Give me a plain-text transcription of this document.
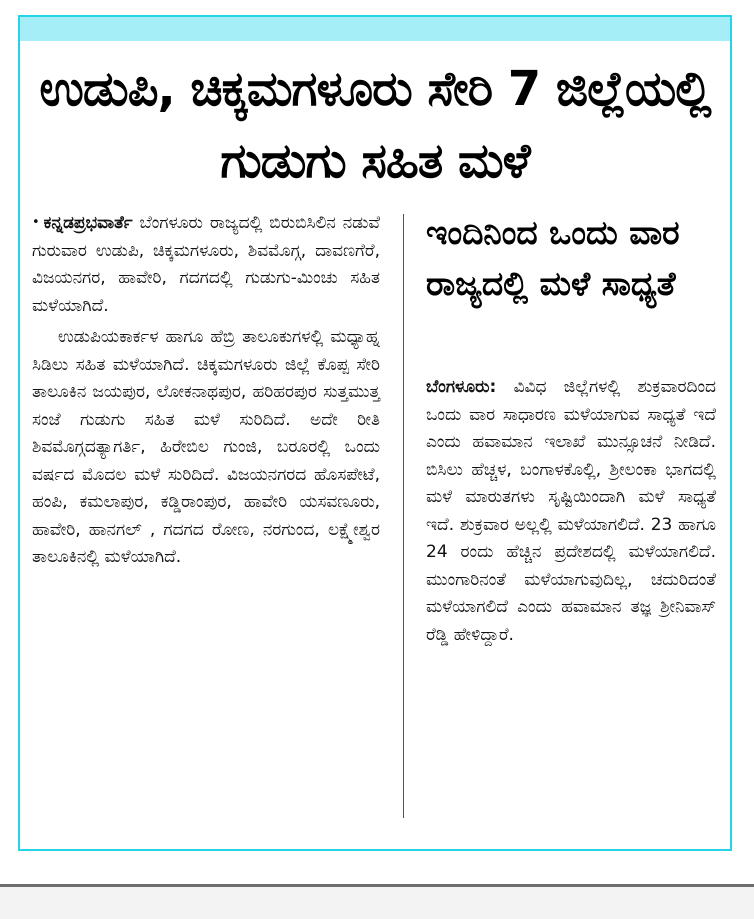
ಉಡುಪಿ, ಚಿಕ್ಕಮಗಳೂರು ಸೇರಿ 7 ಜಿಲ್ಲೆಯಲ್ಲಿ ಗುಡುಗು ಸಹಿತ ಮಳೆ

• ಕನ್ನಡಪ್ರಭವಾರ್ತೆ ಬೆಂಗಳೂರು ರಾಜ್ಯದಲ್ಲಿ ಬಿರುಬಿಸಿಲಿನ ನಡುವೆ ಗುರುವಾರ ಉಡುಪಿ, ಚಿಕ್ಕಮಗಳೂರು, ಶಿವಮೊಗ್ಗ, ದಾವಣಗೆರೆ, ವಿಜಯನಗರ, ಹಾವೇರಿ, ಗದಗದಲ್ಲಿ ಗುಡುಗು-ಮಿಂಚು ಸಹಿತ ಮಳೆಯಾಗಿದೆ.

ಉಡುಪಿಯಕಾರ್ಕಳ ಹಾಗೂ ಹೆಬ್ರಿ ತಾಲೂಕುಗಳಲ್ಲಿ ಮಧ್ಯಾಹ್ನ ಸಿಡಿಲು ಸಹಿತ ಮಳೆಯಾಗಿದೆ. ಚಿಕ್ಕಮಗಳೂರು ಜಿಲ್ಲೆ ಕೊಪ್ಪ ಸೇರಿ ತಾಲೂಕಿನ ಜಯಪುರ, ಲೋಕನಾಥಪುರ, ಹರಿಹರಪುರ ಸುತ್ತಮುತ್ತ ಸಂಜೆ ಗುಡುಗು ಸಹಿತ ಮಳೆ ಸುರಿದಿದೆ. ಅದೇ ರೀತಿ ಶಿವಮೊಗ್ಗದತ್ಯಾಗರ್ತಿ, ಹಿರೇಬಿಲ ಗುಂಜಿ, ಬರೂರಲ್ಲಿ ಒಂದು ವರ್ಷದ ಮೊದಲ ಮಳೆ ಸುರಿದಿದೆ. ವಿಜಯನಗರದ ಹೊಸಪೇಟೆ, ಹಂಪಿ, ಕಮಲಾಪುರ, ಕಡ್ಡಿರಾಂಪುರ, ಹಾವೇರಿ ಯಸವಣೂರು, ಹಾವೇರಿ, ಹಾನಗಲ್ , ಗದಗದ ರೋಣ, ನರಗುಂದ, ಲಕ್ಷ್ಮೇಶ್ವರ ತಾಲೂಕಿನಲ್ಲಿ ಮಳೆಯಾಗಿದೆ.

ಇಂದಿನಿಂದ ಒಂದು ವಾರ ರಾಜ್ಯದಲ್ಲಿ ಮಳೆ ಸಾಧ್ಯತೆ

ಬೆಂಗಳೂರು: ವಿವಿಧ ಜಿಲ್ಲೆಗಳಲ್ಲಿ ಶುಕ್ರವಾರದಿಂದ ಒಂದು ವಾರ ಸಾಧಾರಣ ಮಳೆಯಾಗುವ ಸಾಧ್ಯತೆ ಇದೆ ಎಂದು ಹವಾಮಾನ ಇಲಾಖೆ ಮುನ್ಸೂಚನೆ ನೀಡಿದೆ. ಬಿಸಿಲು ಹೆಚ್ಚಳ, ಬಂಗಾಳಕೊಲ್ಲಿ, ಶ್ರೀಲಂಕಾ ಭಾಗದಲ್ಲಿ ಮಳೆ ಮಾರುತಗಳು ಸೃಷ್ಟಿಯಿಂದಾಗಿ ಮಳೆ ಸಾಧ್ಯತೆ ಇದೆ. ಶುಕ್ರವಾರ ಅಲ್ಲಲ್ಲಿ ಮಳೆಯಾಗಲಿದೆ. 23 ಹಾಗೂ 24 ರಂದು ಹೆಚ್ಚಿನ ಪ್ರದೇಶದಲ್ಲಿ ಮಳೆಯಾಗಲಿದೆ. ಮುಂಗಾರಿನಂತೆ ಮಳೆಯಾಗುವುದಿಲ್ಲ, ಚದುರಿದಂತೆ ಮಳೆಯಾಗಲಿದೆ ಎಂದು ಹವಾಮಾನ ತಜ್ಞ ಶ್ರೀನಿವಾಸ್ ರೆಡ್ಡಿ ಹೇಳಿದ್ದಾರೆ.
